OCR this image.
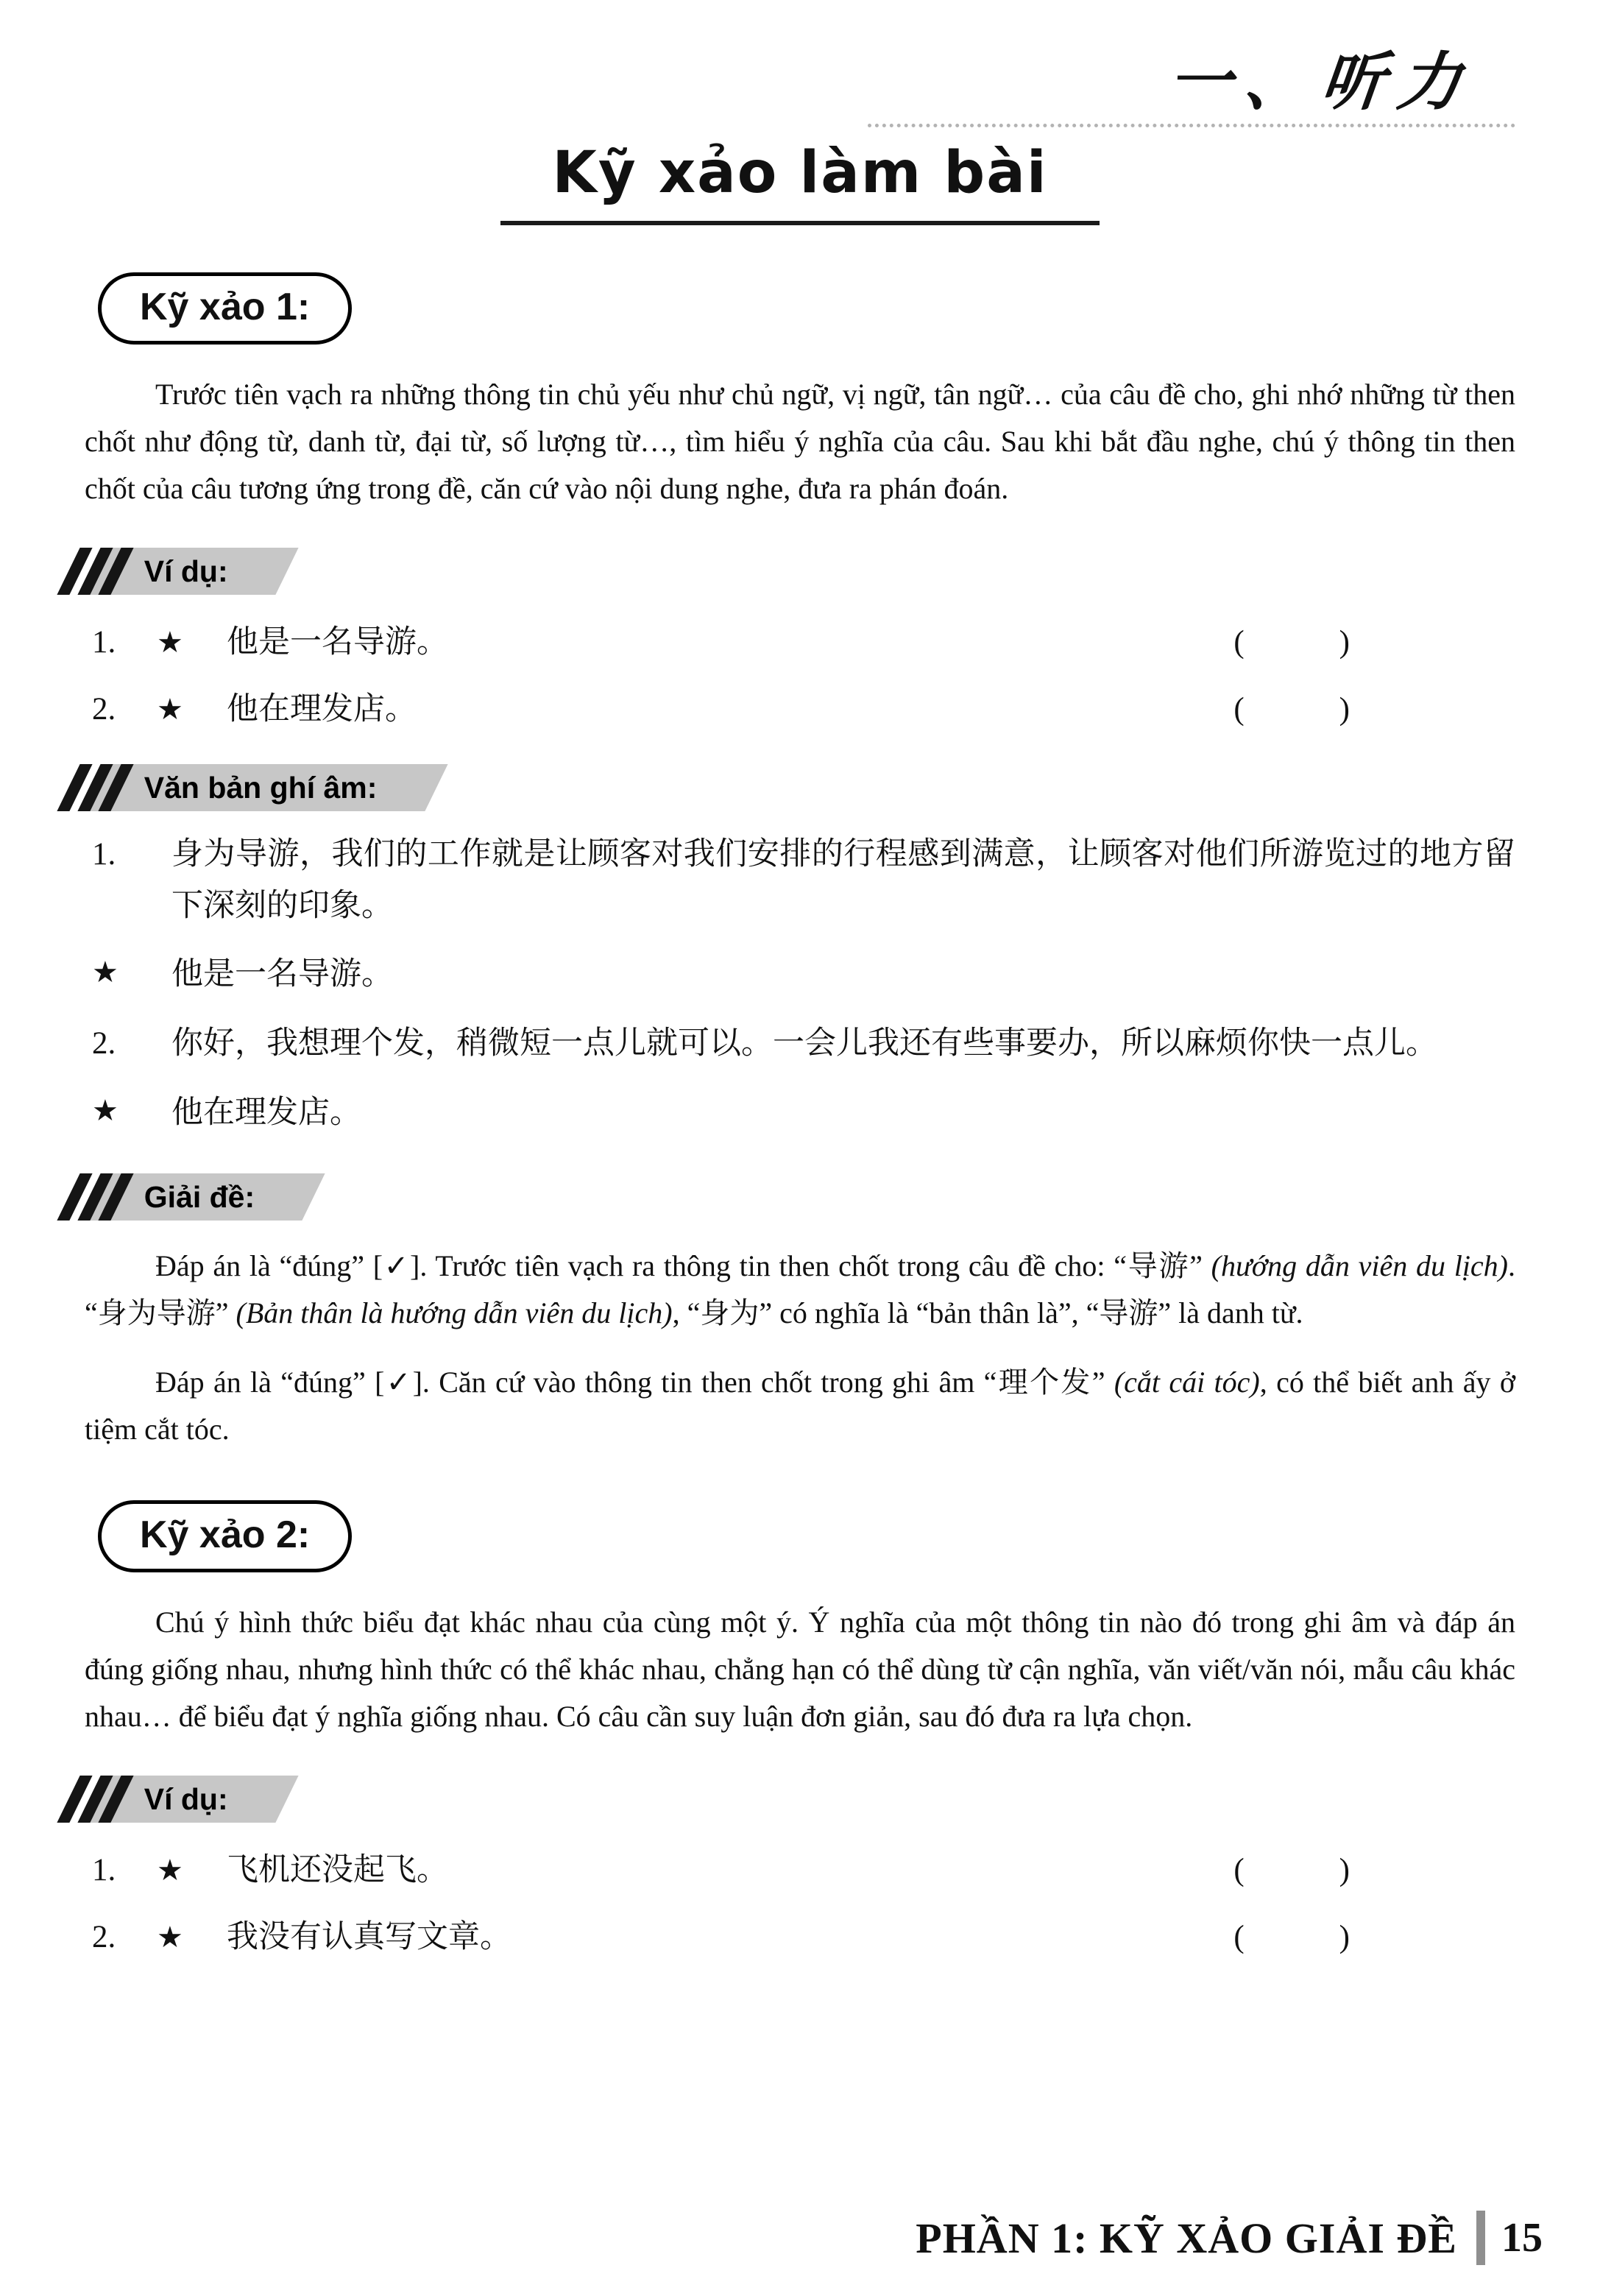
一、听力
Kỹ xảo làm bài
Kỹ xảo 1:

Trước tiên vạch ra những thông tin chủ yếu như chủ ngữ, vị ngữ, tân ngữ… của câu đề cho, ghi nhớ những từ then chốt như động từ, danh từ, đại từ, số lượng từ…, tìm hiểu ý nghĩa của câu. Sau khi bắt đầu nghe, chú ý thông tin then chốt của câu tương ứng trong đề, căn cứ vào nội dung nghe, đưa ra phán đoán.

Ví dụ:
1.	★	他是一名导游。	(　　　)
2.	★	他在理发店。	(　　　)
Văn bản ghí âm:
1.	身为导游，我们的工作就是让顾客对我们安排的行程感到满意，让顾客对他们所游览过的地方留下深刻的印象。
★	他是一名导游。
2.	你好，我想理个发，稍微短一点儿就可以。一会儿我还有些事要办，所以麻烦你快一点儿。
★	他在理发店。
Giải đề:

Đáp án là “đúng” [✓]. Trước tiên vạch ra thông tin then chốt trong câu đề cho: “导游” (hướng dẫn viên du lịch). “身为导游” (Bản thân là hướng dẫn viên du lịch), “身为” có nghĩa là “bản thân là”, “导游” là danh từ.

Đáp án là “đúng” [✓]. Căn cứ vào thông tin then chốt trong ghi âm “理个发” (cắt cái tóc), có thể biết anh ấy ở tiệm cắt tóc.

Kỹ xảo 2:

Chú ý hình thức biểu đạt khác nhau của cùng một ý. Ý nghĩa của một thông tin nào đó trong ghi âm và đáp án đúng giống nhau, nhưng hình thức có thể khác nhau, chẳng hạn có thể dùng từ cận nghĩa, văn viết/văn nói, mẫu câu khác nhau… để biểu đạt ý nghĩa giống nhau. Có câu cần suy luận đơn giản, sau đó đưa ra lựa chọn.

Ví dụ:
1.	★	飞机还没起飞。	(　　　)
2.	★	我没有认真写文章。	(　　　)
PHẦN 1: KỸ XẢO GIẢI ĐỀ 15
